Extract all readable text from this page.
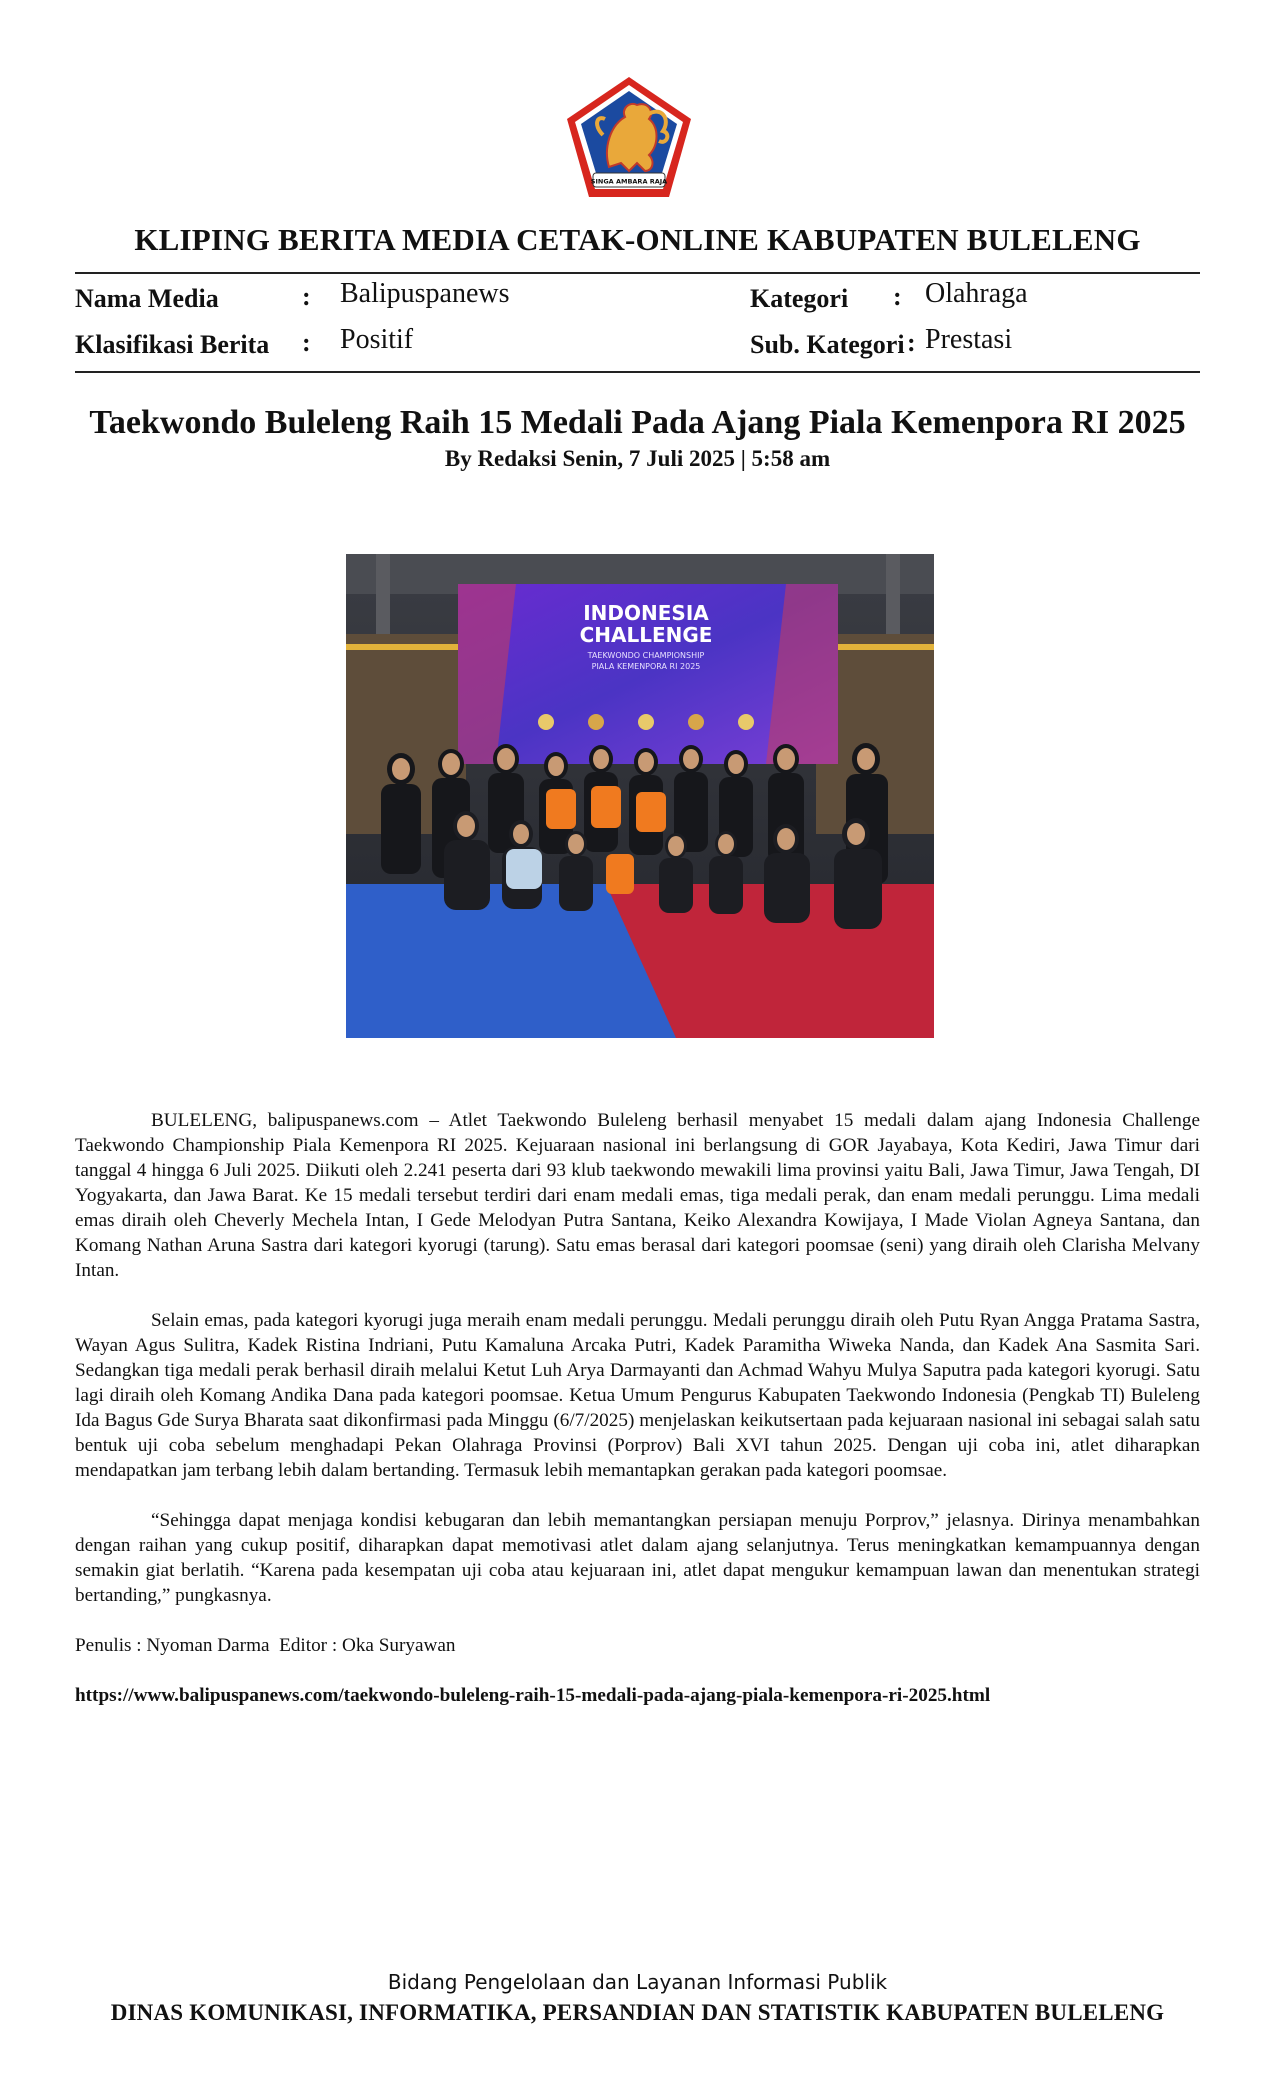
SINGA AMBARA RAJA
KLIPING BERITA MEDIA CETAK-ONLINE KABUPATEN BULELENG
Nama Media	: Balipuspanews	Kategori : Olahraga
Klasifikasi Berita : Positif	Sub. Kategori : Prestasi
Taekwondo Buleleng Raih 15 Medali Pada Ajang Piala Kemenpora RI 2025
By Redaksi Senin, 7 Juli 2025 | 5:58 am
INDONESIA
CHALLENGE
TAEKWONDO CHAMPIONSHIP
PIALA KEMENPORA RI 2025

BULELENG, balipuspanews.com – Atlet Taekwondo Buleleng berhasil menyabet 15 medali dalam ajang Indonesia Challenge Taekwondo Championship Piala Kemenpora RI 2025. Kejuaraan nasional ini berlangsung di GOR Jayabaya, Kota Kediri, Jawa Timur dari tanggal 4 hingga 6 Juli 2025. Diikuti oleh 2.241 peserta dari 93 klub taekwondo mewakili lima provinsi yaitu Bali, Jawa Timur, Jawa Tengah, DI Yogyakarta, dan Jawa Barat. Ke 15 medali tersebut terdiri dari enam medali emas, tiga medali perak, dan enam medali perunggu. Lima medali emas diraih oleh Cheverly Mechela Intan, I Gede Melodyan Putra Santana, Keiko Alexandra Kowijaya, I Made Violan Agneya Santana, dan Komang Nathan Aruna Sastra dari kategori kyorugi (tarung). Satu emas berasal dari kategori poomsae (seni) yang diraih oleh Clarisha Melvany Intan.

Selain emas, pada kategori kyorugi juga meraih enam medali perunggu. Medali perunggu diraih oleh Putu Ryan Angga Pratama Sastra, Wayan Agus Sulitra, Kadek Ristina Indriani, Putu Kamaluna Arcaka Putri, Kadek Paramitha Wiweka Nanda, dan Kadek Ana Sasmita Sari. Sedangkan tiga medali perak berhasil diraih melalui Ketut Luh Arya Darmayanti dan Achmad Wahyu Mulya Saputra pada kategori kyorugi. Satu lagi diraih oleh Komang Andika Dana pada kategori poomsae. Ketua Umum Pengurus Kabupaten Taekwondo Indonesia (Pengkab TI) Buleleng Ida Bagus Gde Surya Bharata saat dikonfirmasi pada Minggu (6/7/2025) menjelaskan keikutsertaan pada kejuaraan nasional ini sebagai salah satu bentuk uji coba sebelum menghadapi Pekan Olahraga Provinsi (Porprov) Bali XVI tahun 2025. Dengan uji coba ini, atlet diharapkan mendapatkan jam terbang lebih dalam bertanding. Termasuk lebih memantapkan gerakan pada kategori poomsae.

“Sehingga dapat menjaga kondisi kebugaran dan lebih memantangkan persiapan menuju Porprov,” jelasnya. Dirinya menambahkan dengan raihan yang cukup positif, diharapkan dapat memotivasi atlet dalam ajang selanjutnya. Terus meningkatkan kemampuannya dengan semakin giat berlatih. “Karena pada kesempatan uji coba atau kejuaraan ini, atlet dapat mengukur kemampuan lawan dan menentukan strategi bertanding,” pungkasnya.

Penulis : Nyoman Darma  Editor : Oka Suryawan

https://www.balipuspanews.com/taekwondo-buleleng-raih-15-medali-pada-ajang-piala-kemenpora-ri-2025.html

Bidang Pengelolaan dan Layanan Informasi Publik
DINAS KOMUNIKASI, INFORMATIKA, PERSANDIAN DAN STATISTIK KABUPATEN BULELENG
